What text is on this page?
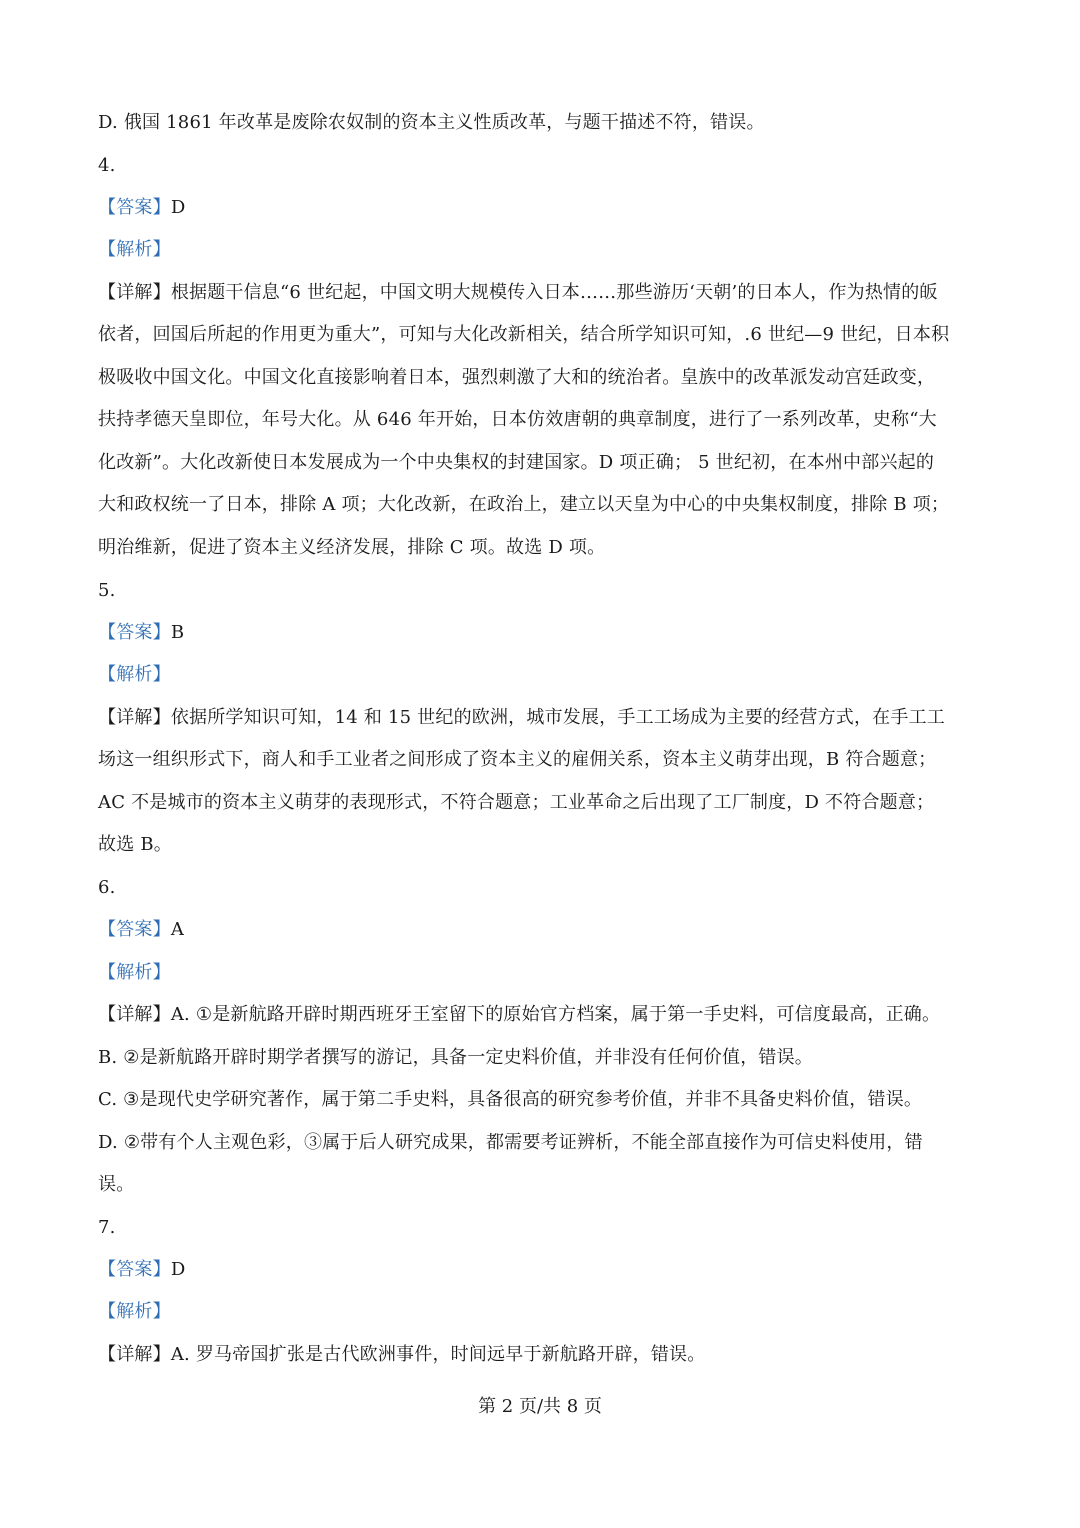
D. 俄国 1861 年改革是废除农奴制的资本主义性质改革，与题干描述不符，错误。
4.
【答案】D
【解析】
【详解】根据题干信息“6 世纪起，中国文明大规模传入日本……那些游历‘天朝’的日本人，作为热情的皈
依者，回国后所起的作用更为重大”，可知与大化改新相关，结合所学知识可知，.6 世纪—9 世纪，日本积
极吸收中国文化。中国文化直接影响着日本，强烈刺激了大和的统治者。皇族中的改革派发动宫廷政变，
扶持孝德天皇即位，年号大化。从 646 年开始，日本仿效唐朝的典章制度，进行了一系列改革，史称“大
化改新”。大化改新使日本发展成为一个中央集权的封建国家。D 项正确； 5 世纪初，在本州中部兴起的
大和政权统一了日本，排除 A 项；大化改新，在政治上，建立以天皇为中心的中央集权制度，排除 B 项；
明治维新，促进了资本主义经济发展，排除 C 项。故选 D 项。
5.
【答案】B
【解析】
【详解】依据所学知识可知，14 和 15 世纪的欧洲，城市发展，手工工场成为主要的经营方式，在手工工
场这一组织形式下，商人和手工业者之间形成了资本主义的雇佣关系，资本主义萌芽出现，B 符合题意；
AC 不是城市的资本主义萌芽的表现形式，不符合题意；工业革命之后出现了工厂制度，D 不符合题意；
故选 B。
6.
【答案】A
【解析】
【详解】A. ①是新航路开辟时期西班牙王室留下的原始官方档案，属于第一手史料，可信度最高，正确。
B. ②是新航路开辟时期学者撰写的游记，具备一定史料价值，并非没有任何价值，错误。
C. ③是现代史学研究著作，属于第二手史料，具备很高的研究参考价值，并非不具备史料价值，错误。
D. ②带有个人主观色彩，③属于后人研究成果，都需要考证辨析，不能全部直接作为可信史料使用，错
误。
7.
【答案】D
【解析】
【详解】A. 罗马帝国扩张是古代欧洲事件，时间远早于新航路开辟，错误。
第 2 页/共 8 页
